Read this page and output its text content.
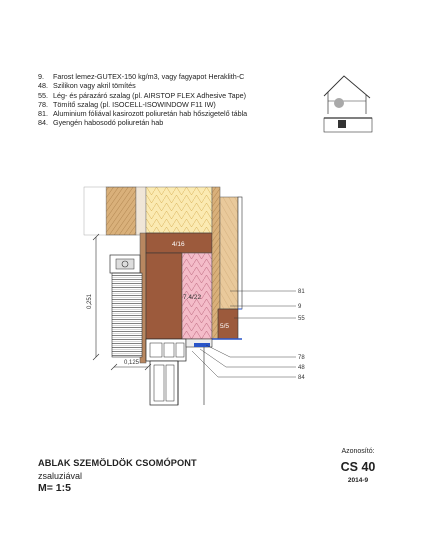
9.	Farost lemez-GUTEX-150 kg/m3, vagy fagyapot Heraklith-C
48. Szilikon vagy akril tömítés
55. Lég- és párazáró szalag (pl. AIRSTOP FLEX Adhesive Tape)
78. Tömítő szalag (pl. ISOCELL-ISOWINDOW F11 IW)
81. Aluminium fóliával kasirozott poliuretán hab hőszigetelő tábla
84. Gyengén habosodó poliuretán hab
4/16
7.4/22
5/5
0,251
0,125
81
9
55
78
48
84
ABLAK SZEMÖLDÖK CSOMÓPONT
zsaluziával
M= 1:5
Azonosító:
CS 40
2014-9
